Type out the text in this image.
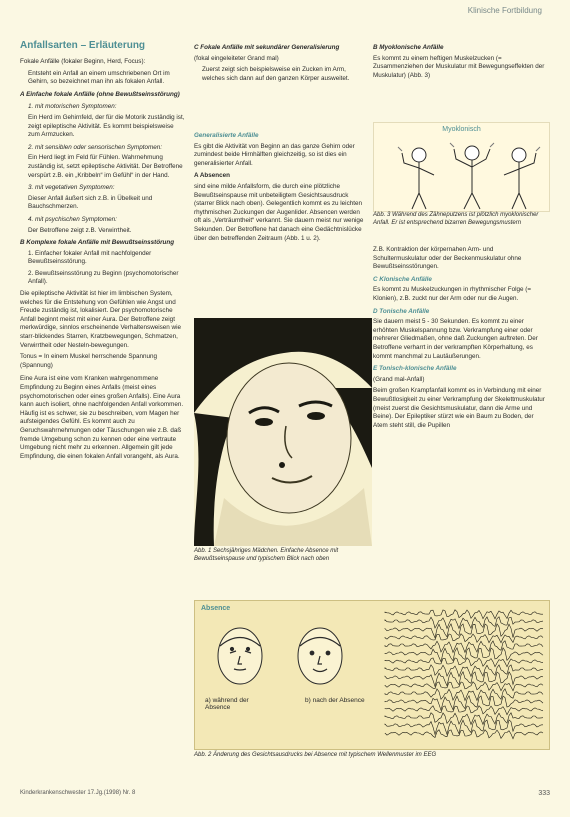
Klinische Fortbildung
Anfallsarten – Erläuterung

Fokale Anfälle (fokaler Beginn, Herd, Focus):

Entsteht ein Anfall an einem umschriebenen Ort im Gehirn, so bezeichnet man ihn als fokalen Anfall.

A Einfache fokale Anfälle (ohne Bewußtseinsstörung)
1. mit motorischen Symptomen:

Ein Herd im Gehirnfeld, der für die Motorik zuständig ist, zeigt epileptische Aktivität. Es kommt beispielsweise zum Armzucken.

2. mit sensiblen oder sensorischen Symptomen:

Ein Herd liegt im Feld für Fühlen. Wahrnehmung zuständig ist, setzt epileptische Aktivität. Der Betroffene verspürt z.B. ein „Kribbeln“ im Gefühl“ in der Hand.

3. mit vegetativen Symptomen:

Dieser Anfall äußert sich z.B. in Übelkeit und Bauchschmerzen.

4. mit psychischen Symptomen:

Der Betroffene zeigt z.B. Verwirrtheit.

B Komplexe fokale Anfälle mit Bewußtseinsstörung

1. Einfacher fokaler Anfall mit nachfolgender Bewußtseinsstörung.

2. Bewußtseinsstörung zu Beginn (psychomotorischer Anfall).

Die epileptische Aktivität ist hier im limbischen System, welches für die Entstehung von Gefühlen wie Angst und Freude zuständig ist, lokalisiert. Der psychomotorische Anfall beginnt meist mit einer Aura. Der Betroffene zeigt merkwürdige, sinnlos erscheinende Verhaltensweisen wie starr-blickendes Starren, Kratzbewegungen, Schmatzen, Verwirrtheit oder Nesteln-bewegungen.

Tonus = In einem Muskel herrschende Spannung (Spannung)

Eine Aura ist eine vom Kranken wahrgenommene Empfindung zu Beginn eines Anfalls (meist eines psychomotorischen oder eines großen Anfalls). Eine Aura kann auch isoliert, ohne nachfolgenden Anfall vorkommen. Häufig ist es schwer, sie zu beschreiben, vom Magen her aufsteigendes Gefühl. Es kommt auch zu Geruchswahrnehmungen oder Täuschungen wie z.B. daß fremde Umgebung schon zu kennen oder eine vertraute Umgebung nicht mehr zu erkennen. Allgemein gilt jede Empfindung, die einen fokalen Anfall vorangeht, als Aura.

C Fokale Anfälle mit sekundärer Generalisierung

(fokal eingeleiteter Grand mal)

Zuerst zeigt sich beispielsweise ein Zucken im Arm, welches sich dann auf den ganzen Körper ausweitet.

Generalisierte Anfälle

Es gibt die Aktivität von Beginn an das ganze Gehirn oder zumindest beide Hirnhälften gleichzeitig, so ist dies ein generalisierter Anfall.

A Absencen

sind eine milde Anfallsform, die durch eine plötzliche Bewußtseinspause mit unbeteiligtem Gesichtsausdruck (starrer Blick nach oben). Gelegentlich kommt es zu leichten rhythmischen Zuckungen der Augenlider. Absencen werden oft als „Verträumtheit“ verkannt. Sie dauern meist nur wenige Sekunden. Der Betroffene hat danach eine Gedächtnislücke über den betreffenden Zeitraum (Abb. 1 u. 2).

Abb. 1 Sechsjähriges Mädchen. Einfache Absence mit Bewußtseinspause und typischem Blick nach oben
B Myoklonische Anfälle

Es kommt zu einem heftigen Muskelzucken (= Zusammenziehen der Muskulatur mit Bewegungseffekten der Muskulatur) (Abb. 3)

Myoklonisch
Abb. 3 Während des Zähneputzens ist plötzlich myoklonischer Anfall. Er ist entsprechend bizarren Bewegungsmustern

Z.B. Kontraktion der körpernahen Arm- und Schultermuskulatur oder der Beckenmuskulatur ohne Bewußtseinsstörungen.

C Klonische Anfälle

Es kommt zu Muskelzuckungen in rhythmischer Folge (= Klonien), z.B. zuckt nur der Arm oder nur die Augen.

D Tonische Anfälle

Sie dauern meist 5 - 30 Sekunden. Es kommt zu einer erhöhten Muskelspannung bzw. Verkrampfung einer oder mehrerer Gliedmaßen, ohne daß Zuckungen auftreten. Der Betroffene verharrt in der verkrampften Körperhaltung, es kommt manchmal zu Lautäußerungen.

E Tonisch-klonische Anfälle

(Grand mal-Anfall)

Beim großen Krampfanfall kommt es in Verbindung mit einer Bewußtlosigkeit zu einer Verkrampfung der Skelettmuskulatur (meist zuerst die Gesichtsmuskulatur, dann die Arme und Beine). Der Epileptiker stürzt wie ein Baum zu Boden, der Atem steht still, die Pupillen

Absence
a) während der Absence
b) nach der Absence
Abb. 2 Änderung des Gesichtsausdrucks bei Absence mit typischem Wellenmuster im EEG
Kinderkrankenschwester 17.Jg.(1998) Nr. 8	333
